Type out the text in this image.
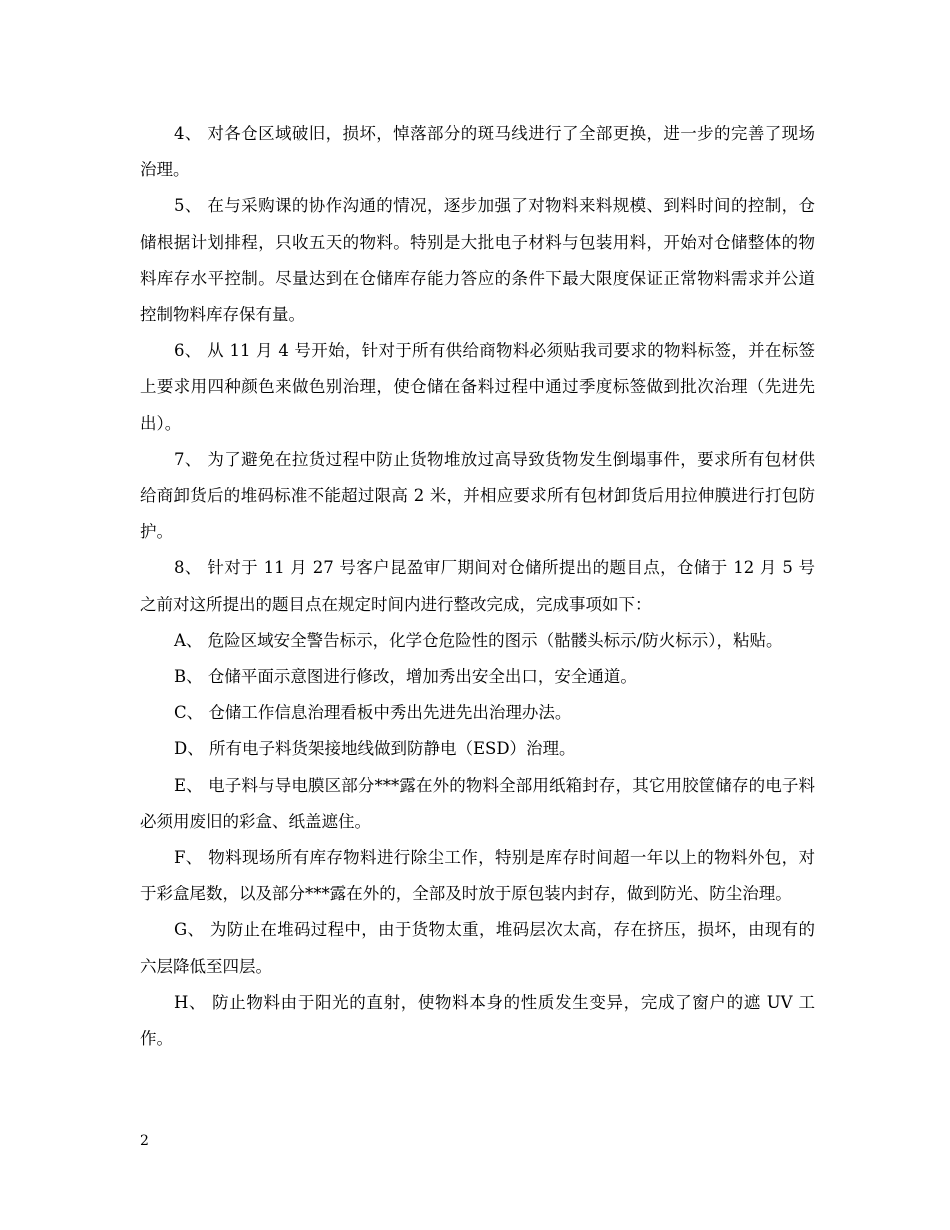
4、 对各仓区域破旧，损坏，悼落部分的斑马线进行了全部更换，进一步的完善了现场治理。

5、 在与采购课的协作沟通的情况，逐步加强了对物料来料规模、到料时间的控制，仓储根据计划排程，只收五天的物料。特别是大批电子材料与包装用料，开始对仓储整体的物料库存水平控制。尽量达到在仓储库存能力答应的条件下最大限度保证正常物料需求并公道控制物料库存保有量。

6、 从 11 月 4 号开始，针对于所有供给商物料必须贴我司要求的物料标签，并在标签上要求用四种颜色来做色别治理，使仓储在备料过程中通过季度标签做到批次治理（先进先出）。

7、 为了避免在拉货过程中防止货物堆放过高导致货物发生倒塌事件，要求所有包材供给商卸货后的堆码标准不能超过限高 2 米，并相应要求所有包材卸货后用拉伸膜进行打包防护。

8、 针对于 11 月 27 号客户昆盈审厂期间对仓储所提出的题目点，仓储于 12 月 5 号之前对这所提出的题目点在规定时间内进行整改完成，完成事项如下：

A、 危险区域安全警告标示，化学仓危险性的图示（骷髅头标示/防火标示），粘贴。

B、 仓储平面示意图进行修改，增加秀出安全出口，安全通道。

C、 仓储工作信息治理看板中秀出先进先出治理办法。

D、 所有电子料货架接地线做到防静电（ESD）治理。

E、 电子料与导电膜区部分***露在外的物料全部用纸箱封存，其它用胶筐储存的电子料必须用废旧的彩盒、纸盖遮住。

F、 物料现场所有库存物料进行除尘工作，特别是库存时间超一年以上的物料外包，对于彩盒尾数，以及部分***露在外的，全部及时放于原包装内封存，做到防光、防尘治理。

G、 为防止在堆码过程中，由于货物太重，堆码层次太高，存在挤压，损坏，由现有的六层降低至四层。

H、 防止物料由于阳光的直射，使物料本身的性质发生变异，完成了窗户的遮 UV 工作。

2
